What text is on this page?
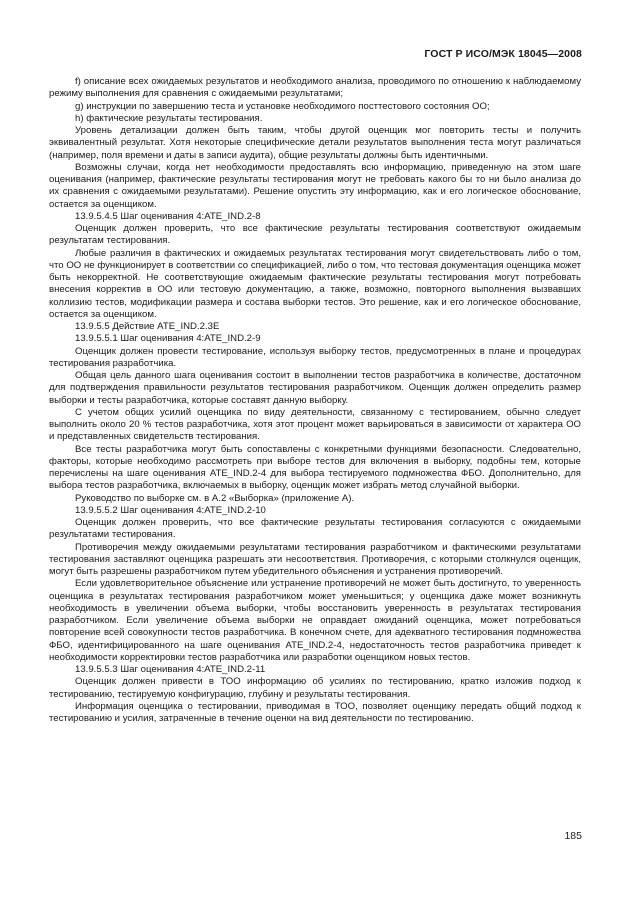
ГОСТ Р ИСО/МЭК 18045—2008

f) описание всех ожидаемых результатов и необходимого анализа, проводимого по отношению к наблюдаемому режиму выполнения для сравнения с ожидаемыми результатами;

g) инструкции по завершению теста и установке необходимого посттестового состояния ОО;

h) фактические результаты тестирования.

Уровень детализации должен быть таким, чтобы другой оценщик мог повторить тесты и получить эквивалентный результат. Хотя некоторые специфические детали результатов выполнения теста могут различаться (например, поля времени и даты в записи аудита), общие результаты должны быть идентичными.

Возможны случаи, когда нет необходимости предоставлять всю информацию, приведенную на этом шаге оценивания (например, фактические результаты тестирования могут не требовать какого бы то ни было анализа до их сравнения с ожидаемыми результатами). Решение опустить эту информацию, как и его логическое обоснование, остается за оценщиком.

13.9.5.4.5 Шаг оценивания 4:ATE_IND.2-8

Оценщик должен проверить, что все фактические результаты тестирования соответствуют ожидаемым результатам тестирования.

Любые различия в фактических и ожидаемых результатах тестирования могут свидетельствовать либо о том, что ОО не функционирует в соответствии со спецификацией, либо о том, что тестовая документация оценщика может быть некорректной. Не соответствующие ожидаемым фактические результаты тестирования могут потребовать внесения корректив в ОО или тестовую документацию, а также, возможно, повторного выполнения вызвавших коллизию тестов, модификации размера и состава выборки тестов. Это решение, как и его логическое обоснование, остается за оценщиком.

13.9.5.5 Действие ATE_IND.2.3E

13.9.5.5.1 Шаг оценивания 4:ATE_IND.2-9

Оценщик должен провести тестирование, используя выборку тестов, предусмотренных в плане и процедурах тестирования разработчика.

Общая цель данного шага оценивания состоит в выполнении тестов разработчика в количестве, достаточном для подтверждения правильности результатов тестирования разработчиком. Оценщик должен определить размер выборки и тесты разработчика, которые составят данную выборку.

С учетом общих усилий оценщика по виду деятельности, связанному с тестированием, обычно следует выполнить около 20 % тестов разработчика, хотя этот процент может варьироваться в зависимости от характера ОО и представленных свидетельств тестирования.

Все тесты разработчика могут быть сопоставлены с конкретными функциями безопасности. Следовательно, факторы, которые необходимо рассмотреть при выборе тестов для включения в выборку, подобны тем, которые перечислены на шаге оценивания ATE_IND.2-4 для выбора тестируемого подмножества ФБО. Дополнительно, для выбора тестов разработчика, включаемых в выборку, оценщик может избрать метод случайной выборки.

Руководство по выборке см. в А.2 «Выборка» (приложение А).

13.9.5.5.2 Шаг оценивания 4:ATE_IND.2-10

Оценщик должен проверить, что все фактические результаты тестирования согласуются с ожидаемыми результатами тестирования.

Противоречия между ожидаемыми результатами тестирования разработчиком и фактическими результатами тестирования заставляют оценщика разрешать эти несоответствия. Противоречия, с которыми столкнулся оценщик, могут быть разрешены разработчиком путем убедительного объяснения и устранения противоречий.

Если удовлетворительное объяснение или устранение противоречий не может быть достигнуто, то уверенность оценщика в результатах тестирования разработчиком может уменьшиться; у оценщика даже может возникнуть необходимость в увеличении объема выборки, чтобы восстановить уверенность в результатах тестирования разработчиком. Если увеличение объема выборки не оправдает ожиданий оценщика, может потребоваться повторение всей совокупности тестов разработчика. В конечном счете, для адекватного тестирования подмножества ФБО, идентифицированного на шаге оценивания ATE_IND.2-4, недостаточность тестов разработчика приведет к необходимости корректировки тестов разработчика или разработки оценщиком новых тестов.

13.9.5.5.3 Шаг оценивания 4:ATE_IND.2-11

Оценщик должен привести в ТОО информацию об усилиях по тестированию, кратко изложив подход к тестированию, тестируемую конфигурацию, глубину и результаты тестирования.

Информация оценщика о тестировании, приводимая в ТОО, позволяет оценщику передать общий подход к тестированию и усилия, затраченные в течение оценки на вид деятельности по тестированию.

185
